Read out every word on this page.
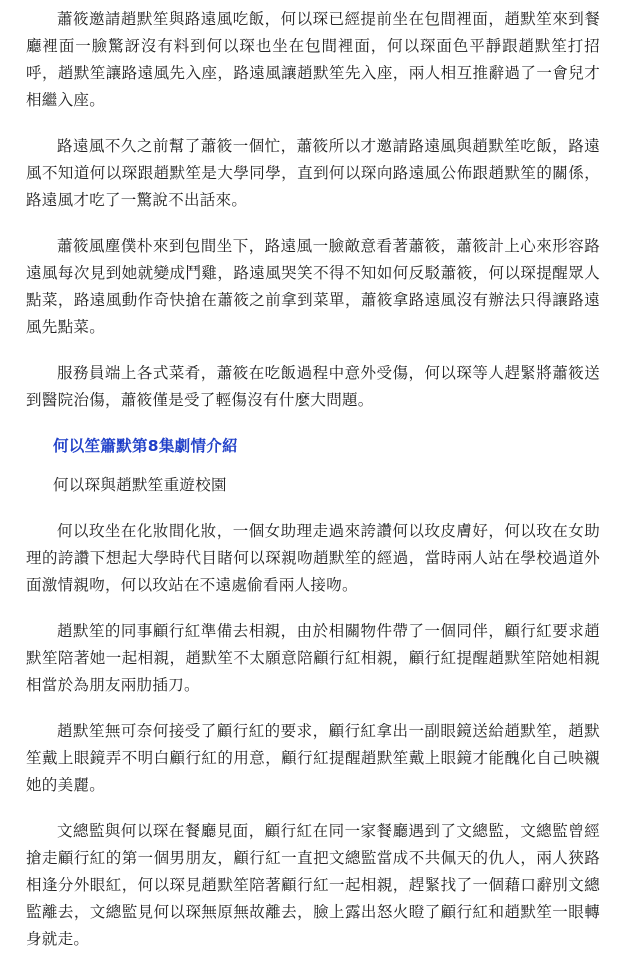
蕭筱邀請趙默笙與路遠風吃飯，何以琛已經提前坐在包間裡面，趙默笙來到餐廳裡面一臉驚訝沒有料到何以琛也坐在包間裡面，何以琛面色平靜跟趙默笙打招呼，趙默笙讓路遠風先入座，路遠風讓趙默笙先入座，兩人相互推辭過了一會兒才相繼入座。

路遠風不久之前幫了蕭筱一個忙，蕭筱所以才邀請路遠風與趙默笙吃飯，路遠風不知道何以琛跟趙默笙是大學同學，直到何以琛向路遠風公佈跟趙默笙的關係，路遠風才吃了一驚說不出話來。

蕭筱風塵僕朴來到包間坐下，路遠風一臉敵意看著蕭筱，蕭筱計上心來形容路遠風每次見到她就變成鬥雞，路遠風哭笑不得不知如何反駁蕭筱，何以琛提醒眾人點菜，路遠風動作奇快搶在蕭筱之前拿到菜單，蕭筱拿路遠風沒有辦法只得讓路遠風先點菜。

服務員端上各式菜肴，蕭筱在吃飯過程中意外受傷，何以琛等人趕緊將蕭筱送到醫院治傷，蕭筱僅是受了輕傷沒有什麼大問題。

何以笙簫默第8集劇情介紹

何以琛與趙默笙重遊校園

何以玫坐在化妝間化妝，一個女助理走過來誇讚何以玫皮膚好，何以玫在女助理的誇讚下想起大學時代目睹何以琛親吻趙默笙的經過，當時兩人站在學校過道外面激情親吻，何以玫站在不遠處偷看兩人接吻。

趙默笙的同事顧行紅準備去相親，由於相關物件帶了一個同伴，顧行紅要求趙默笙陪著她一起相親，趙默笙不太願意陪顧行紅相親，顧行紅提醒趙默笙陪她相親相當於為朋友兩肋插刀。

趙默笙無可奈何接受了顧行紅的要求，顧行紅拿出一副眼鏡送給趙默笙，趙默笙戴上眼鏡弄不明白顧行紅的用意，顧行紅提醒趙默笙戴上眼鏡才能醜化自己映襯她的美麗。

文總監與何以琛在餐廳見面，顧行紅在同一家餐廳遇到了文總監，文總監曾經搶走顧行紅的第一個男朋友，顧行紅一直把文總監當成不共佩天的仇人，兩人狹路相逢分外眼紅，何以琛見趙默笙陪著顧行紅一起相親，趕緊找了一個藉口辭別文總監離去，文總監見何以琛無原無故離去，臉上露出怒火瞪了顧行紅和趙默笙一眼轉身就走。
